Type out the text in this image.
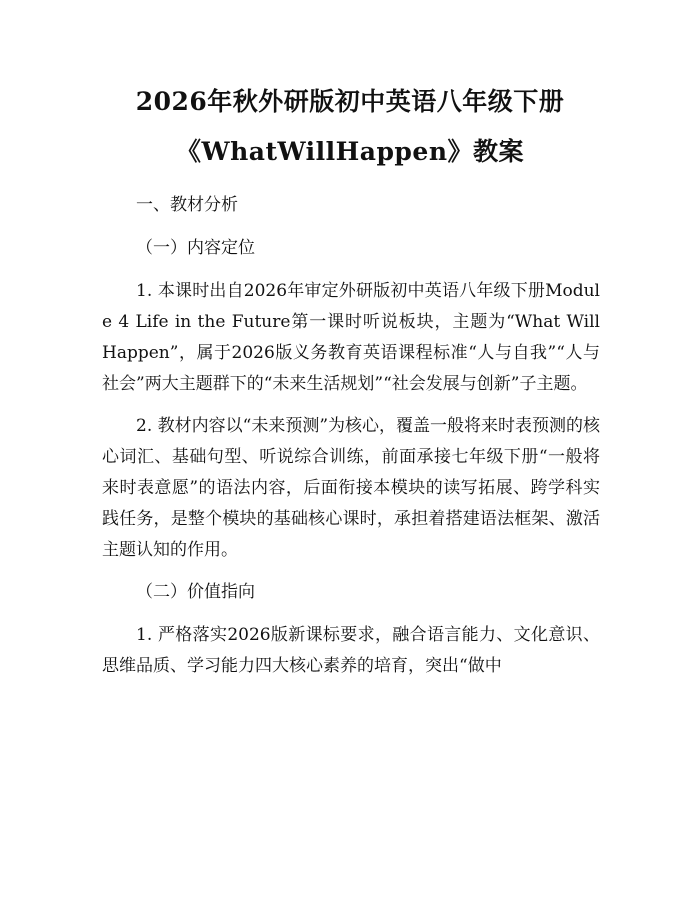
2026年秋外研版初中英语八年级下册
《WhatWillHappen》教案

一、教材分析

（一）内容定位

1. 本课时出自2026年审定外研版初中英语八年级下册Module 4 Life in the Future第一课时听说板块，主题为“What Will Happen”，属于2026版义务教育英语课程标准“人与自我”“人与社会”两大主题群下的“未来生活规划”“社会发展与创新”子主题。

2. 教材内容以“未来预测”为核心，覆盖一般将来时表预测的核心词汇、基础句型、听说综合训练，前面承接七年级下册“一般将来时表意愿”的语法内容，后面衔接本模块的读写拓展、跨学科实践任务，是整个模块的基础核心课时，承担着搭建语法框架、激活主题认知的作用。

（二）价值指向

1. 严格落实2026版新课标要求，融合语言能力、文化意识、思维品质、学习能力四大核心素养的培育，突出“做中
